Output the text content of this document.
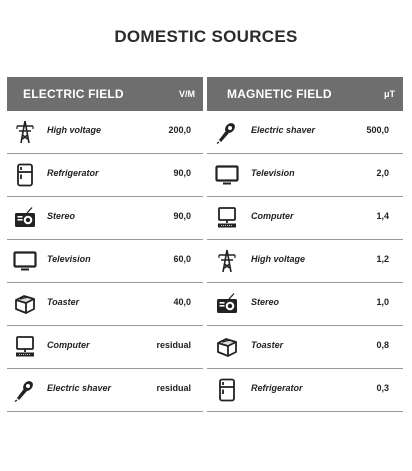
DOMESTIC SOURCES
ELECTRIC FIELD	V/M
High voltage	200,0
Refrigerator	90,0
Stereo	90,0
Television	60,0
Toaster	40,0
Computer	residual
Electric shaver	residual
MAGNETIC FIELD	μT
Electric shaver	500,0
Television	2,0
Computer	1,4
High voltage	1,2
Stereo	1,0
Toaster	0,8
Refrigerator	0,3
